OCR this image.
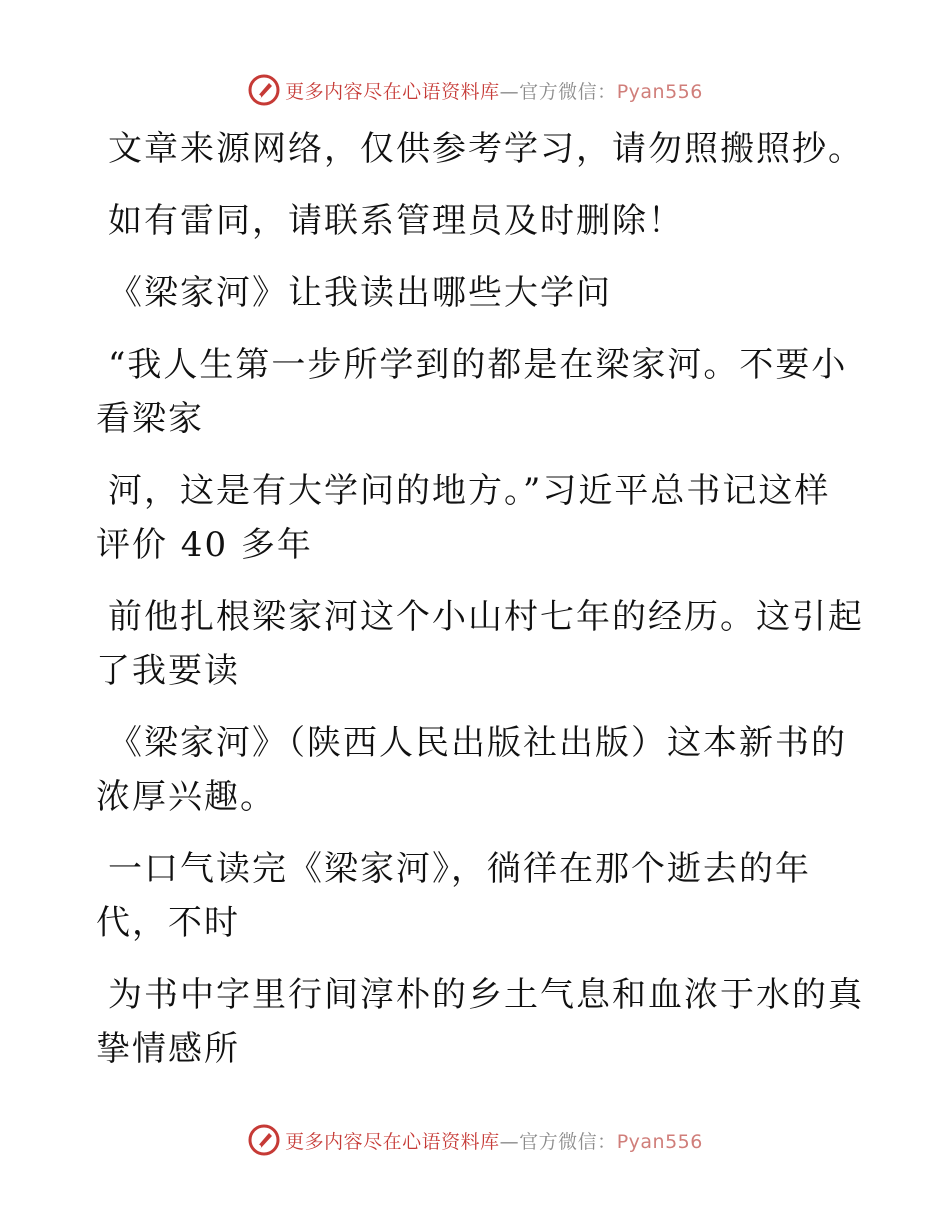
更多内容尽在心语资料库—官方微信：Pyan556

文章来源网络，仅供参考学习，请勿照搬照抄。

如有雷同，请联系管理员及时删除！

《梁家河》让我读出哪些大学问

“我人生第一步所学到的都是在梁家河。不要小
看梁家

河，这是有大学问的地方。”习近平总书记这样
评价 40 多年

前他扎根梁家河这个小山村七年的经历。这引起
了我要读

《梁家河》（陕西人民出版社出版）这本新书的
浓厚兴趣。

一口气读完《梁家河》，徜徉在那个逝去的年
代，不时

为书中字里行间淳朴的乡土气息和血浓于水的真
挚情感所

更多内容尽在心语资料库—官方微信：Pyan556
